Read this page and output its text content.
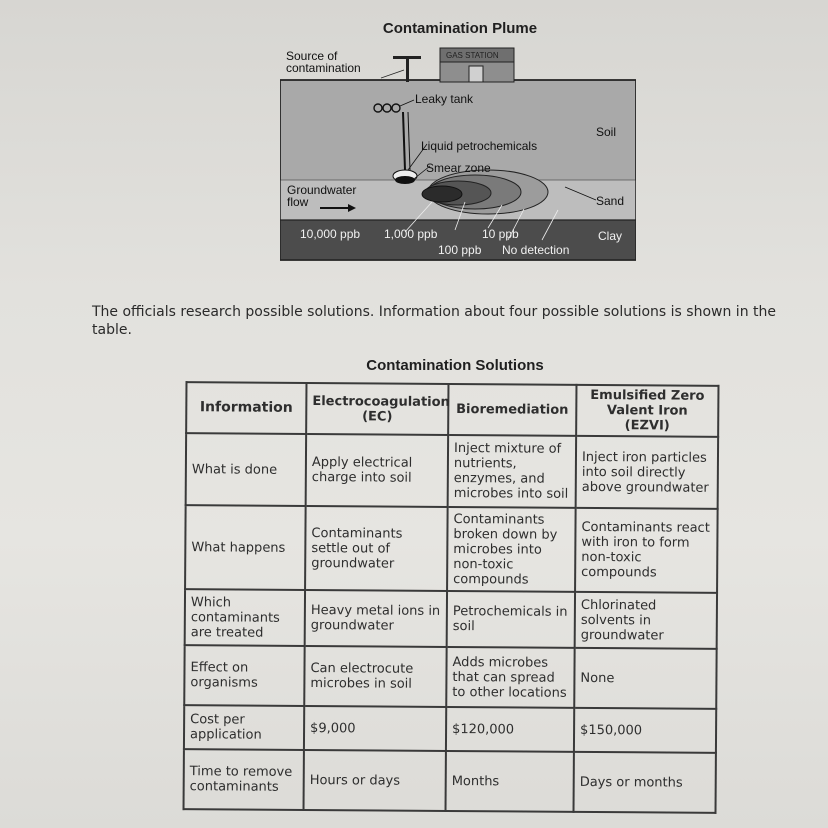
Contamination Plume
Source of contamination
GAS STATION
Leaky tank
Soil
Liquid petrochemicals
Smear zone
Groundwater flow	Sand
Clay
10,000 ppb 1,000 ppb	10 ppb
100 ppb No detection
The officials research possible solutions. Information about four possible solutions is shown in the table.
Contamination Solutions
Information	Electrocoagulation (EC)	Bioremediation	Emulsified Zero Valent Iron (EZVI)
What is done	Apply electrical charge into soil	Inject mixture of nutrients, enzymes, and microbes into soil	Inject iron particles into soil directly above groundwater
What happens	Contaminants settle out of groundwater	Contaminants broken down by microbes into non-toxic compounds	Contaminants react with iron to form non-toxic compounds
Which contaminants are treated	Heavy metal ions in groundwater	Petrochemicals in soil	Chlorinated solvents in groundwater
Effect on organisms	Can electrocute microbes in soil	Adds microbes that can spread to other locations	None
Cost per application	$9,000	$120,000	$150,000
Time to remove contaminants	Hours or days	Months	Days or months
